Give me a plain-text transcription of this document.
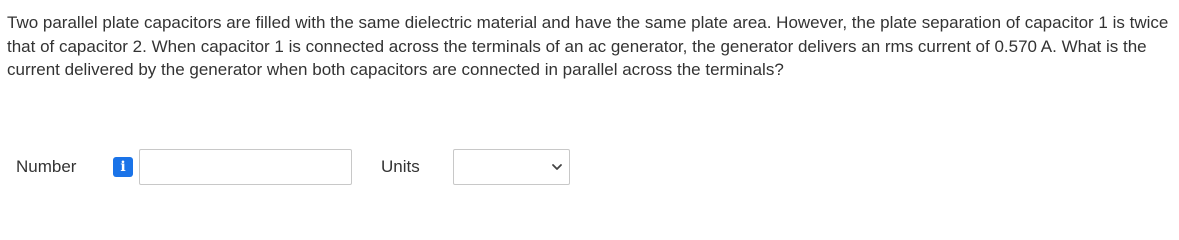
Two parallel plate capacitors are filled with the same dielectric material and have the same plate area. However, the plate separation of capacitor 1 is twice that of capacitor 2. When capacitor 1 is connected across the terminals of an ac generator, the generator delivers an rms current of 0.570 A. What is the current delivered by the generator when both capacitors are connected in parallel across the terminals?

Number	i	Units
